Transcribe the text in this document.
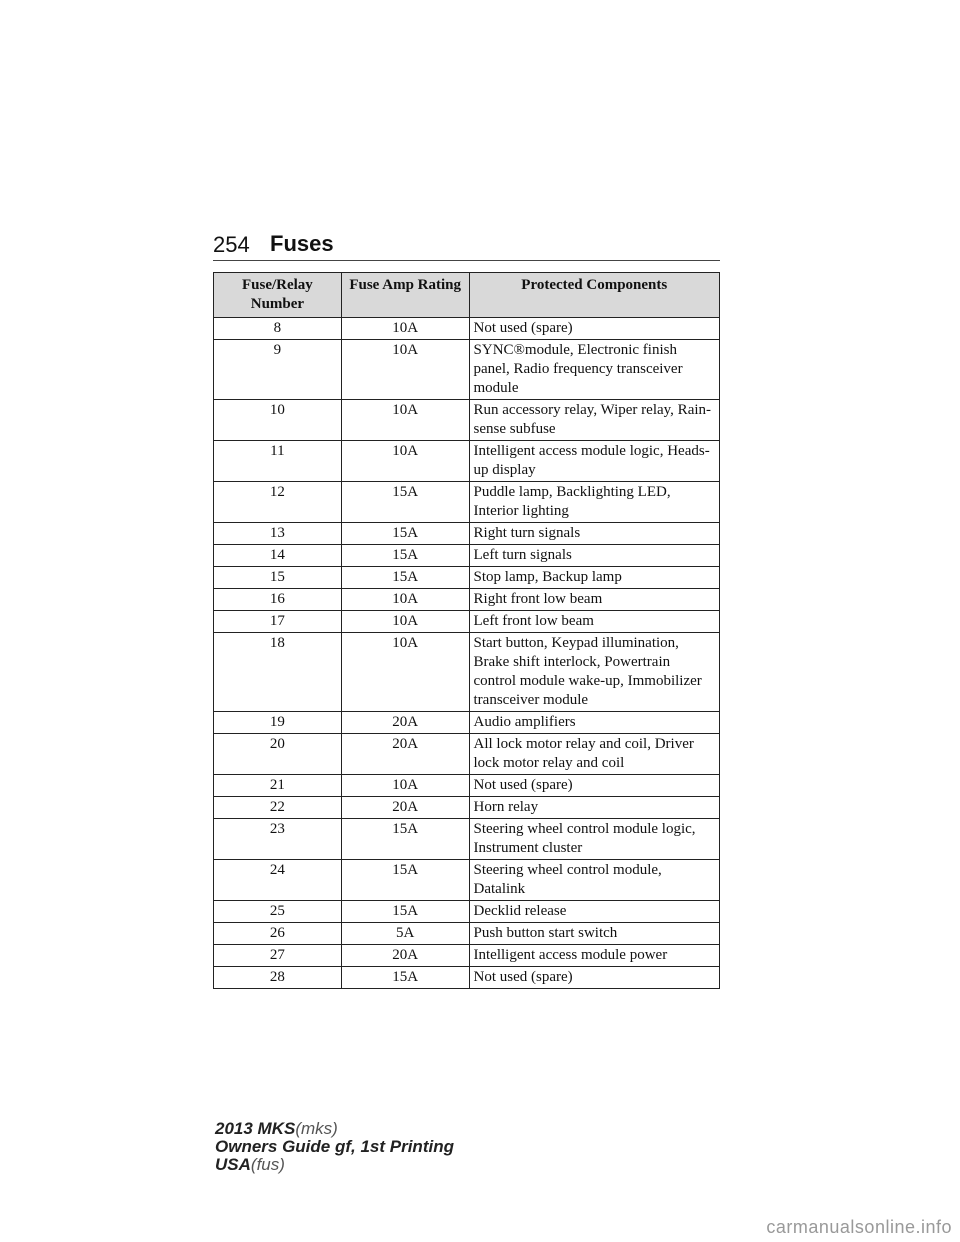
254 Fuses
Fuse/Relay Number	Fuse Amp Rating	Protected Components
8	10A	Not used (spare)
9	10A	SYNC®module, Electronic finish panel, Radio frequency transceiver module
10	10A	Run accessory relay, Wiper relay, Rain-sense subfuse
11	10A	Intelligent access module logic, Heads-up display
12	15A	Puddle lamp, Backlighting LED, Interior lighting
13	15A	Right turn signals
14	15A	Left turn signals
15	15A	Stop lamp, Backup lamp
16	10A	Right front low beam
17	10A	Left front low beam
18	10A	Start button, Keypad illumination, Brake shift interlock, Powertrain control module wake-up, Immobilizer transceiver module
19	20A	Audio amplifiers
20	20A	All lock motor relay and coil, Driver lock motor relay and coil
21	10A	Not used (spare)
22	20A	Horn relay
23	15A	Steering wheel control module logic, Instrument cluster
24	15A	Steering wheel control module, Datalink
25	15A	Decklid release
26	5A	Push button start switch
27	20A	Intelligent access module power
28	15A	Not used (spare)
2013 MKS(mks)
Owners Guide gf, 1st Printing
USA(fus)
carmanualsonline.info
